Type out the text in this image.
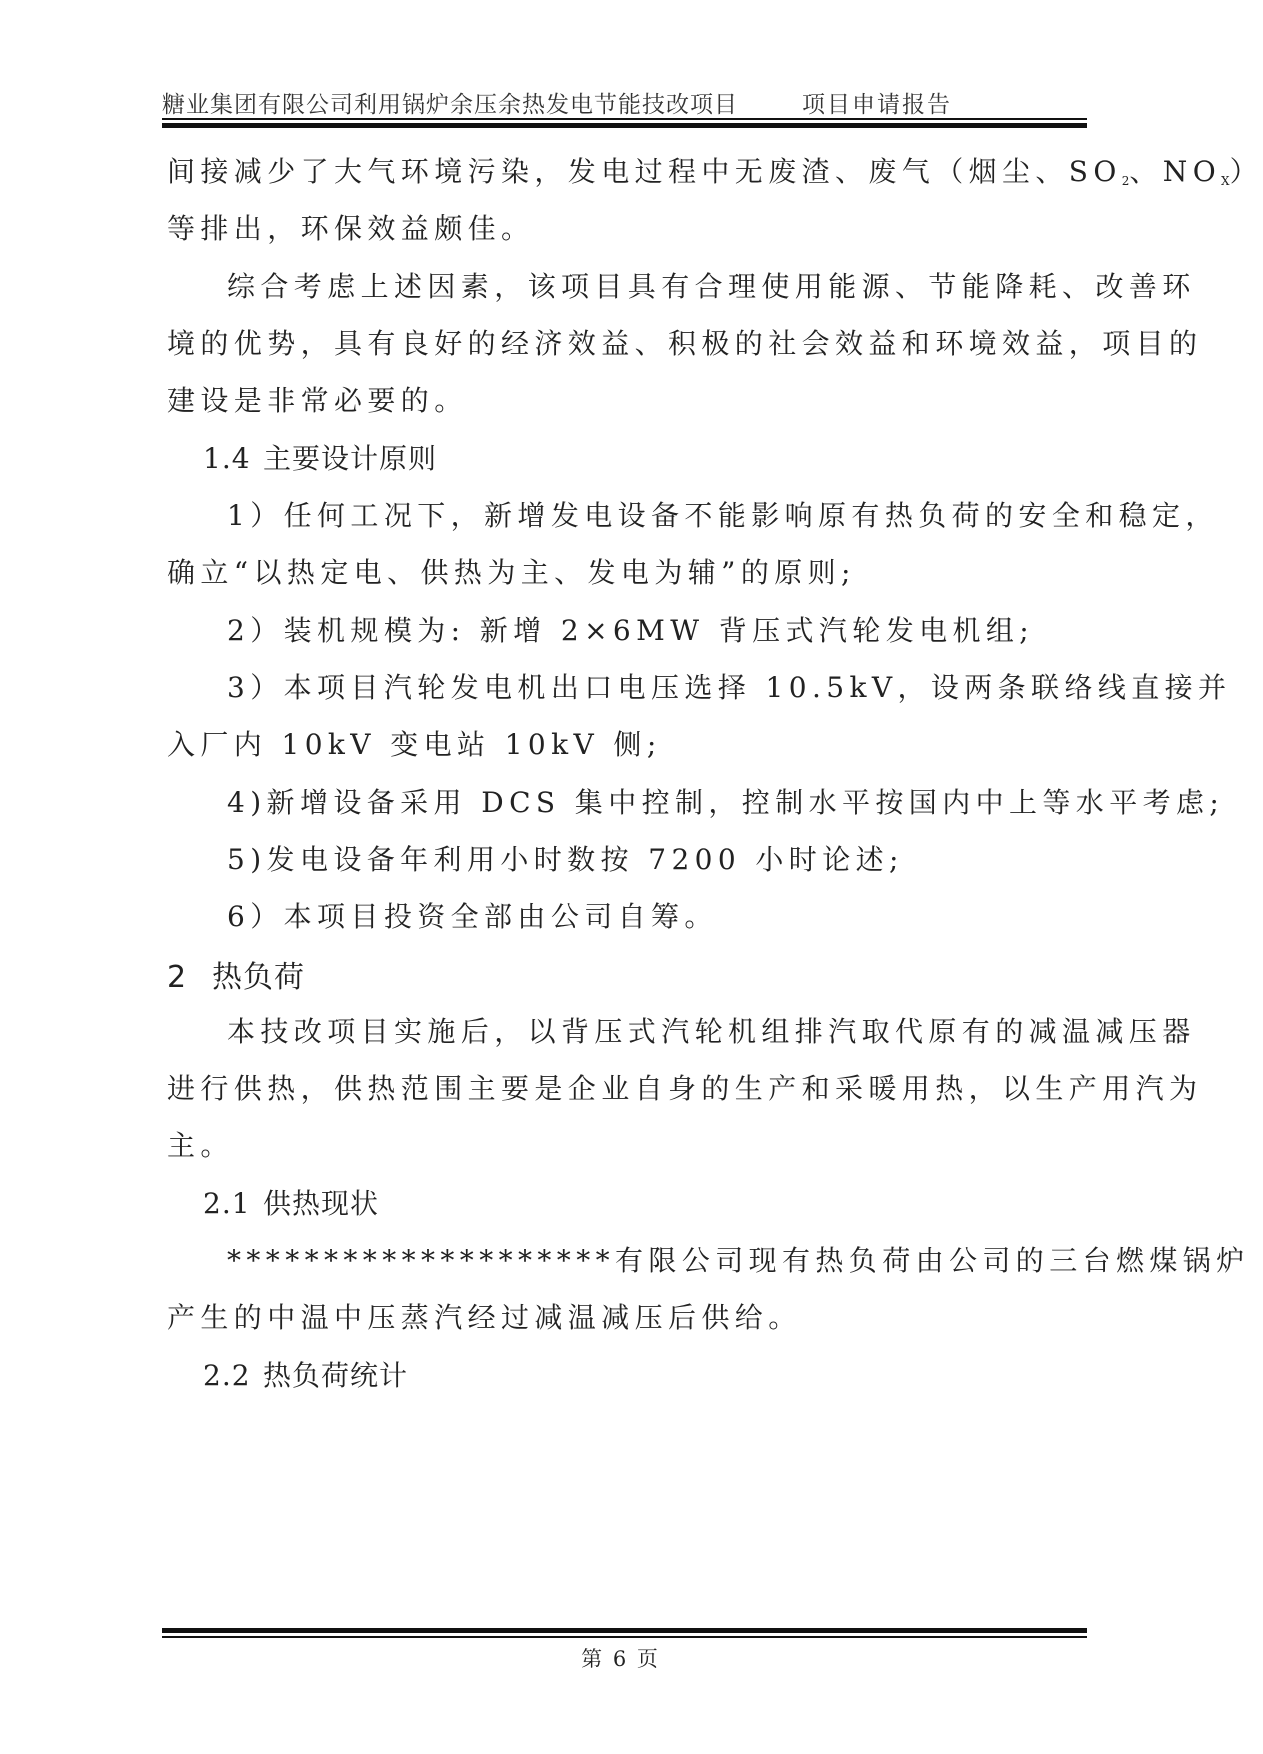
糖业集团有限公司利用锅炉余压余热发电节能技改项目	项目申请报告
间接减少了大气环境污染，发电过程中无废渣、废气（烟尘、$SO_2$、$NO_X$）
等排出，环保效益颇佳。
综合考虑上述因素，该项目具有合理使用能源、节能降耗、改善环
境的优势，具有良好的经济效益、积极的社会效益和环境效益，项目的
建设是非常必要的。
1.4 主要设计原则
1）任何工况下，新增发电设备不能影响原有热负荷的安全和稳定，
确立“以热定电、供热为主、发电为辅”的原则;
2）装机规模为: 新增 2×6MW 背压式汽轮发电机组;
3）本项目汽轮发电机出口电压选择 10.5kV，设两条联络线直接并
入厂内 10kV 变电站 10kV 侧;
4)新增设备采用 DCS 集中控制，控制水平按国内中上等水平考虑;
5)发电设备年利用小时数按 7200 小时论述;
6）本项目投资全部由公司自筹。
2 热负荷
本技改项目实施后，以背压式汽轮机组排汽取代原有的减温减压器
进行供热，供热范围主要是企业自身的生产和采暖用热，以生产用汽为
主。
2.1 供热现状
********************有限公司现有热负荷由公司的三台燃煤锅炉
产生的中温中压蒸汽经过减温减压后供给。
2.2 热负荷统计
第 6 页
